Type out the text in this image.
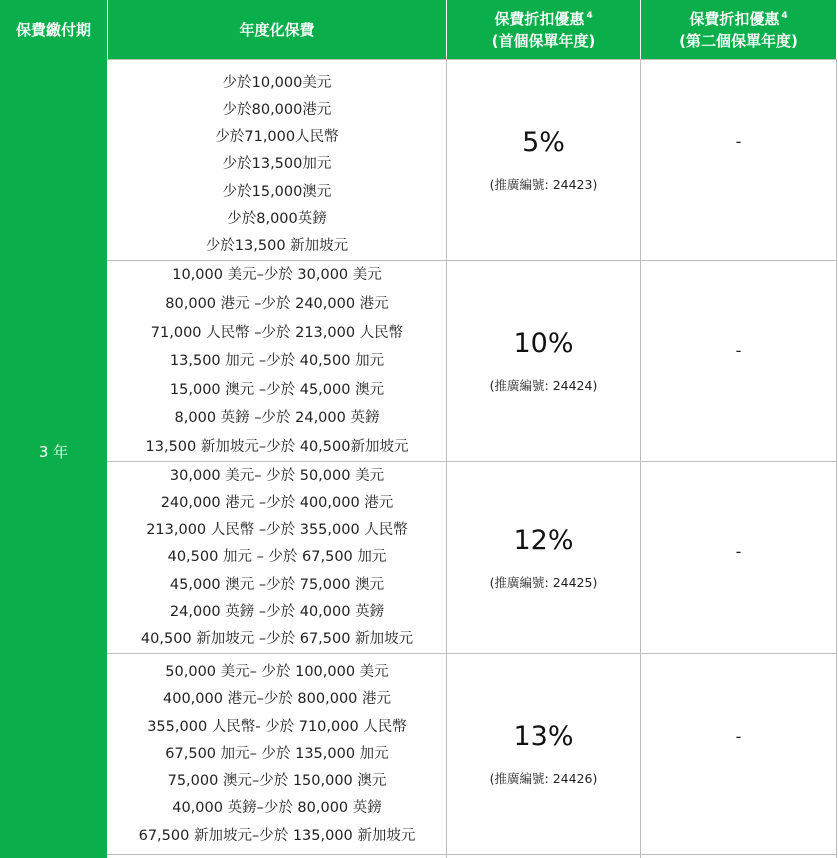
保費繳付期	年度化保費
保費折扣優惠 $^4$
(首個保單年度)
保費折扣優惠 $^4$
(第二個保單年度)
3 年
少於10,000美元
少於80,000港元
少於71,000人民幣
少於13,500加元
少於15,000澳元
少於8,000英鎊
少於13,500 新加坡元
5%
(推廣編號: 24423)
-
10,000 美元–少於 30,000 美元
80,000 港元 –少於 240,000 港元
71,000 人民幣 –少於 213,000 人民幣
13,500 加元 –少於 40,500 加元
15,000 澳元 –少於 45,000 澳元
8,000 英鎊 –少於 24,000 英鎊
13,500 新加坡元–少於 40,500新加坡元
10%
(推廣編號: 24424)
-
30,000 美元– 少於 50,000 美元
240,000 港元 –少於 400,000 港元
213,000 人民幣 –少於 355,000 人民幣
40,500 加元 – 少於 67,500 加元
45,000 澳元 –少於 75,000 澳元
24,000 英鎊 –少於 40,000 英鎊
40,500 新加坡元 –少於 67,500 新加坡元
12%
(推廣編號: 24425)
-
50,000 美元– 少於 100,000 美元
400,000 港元–少於 800,000 港元
355,000 人民幣- 少於 710,000 人民幣
67,500 加元– 少於 135,000 加元
75,000 澳元–少於 150,000 澳元
40,000 英鎊–少於 80,000 英鎊
67,500 新加坡元–少於 135,000 新加坡元
13%
(推廣編號: 24426)
-
